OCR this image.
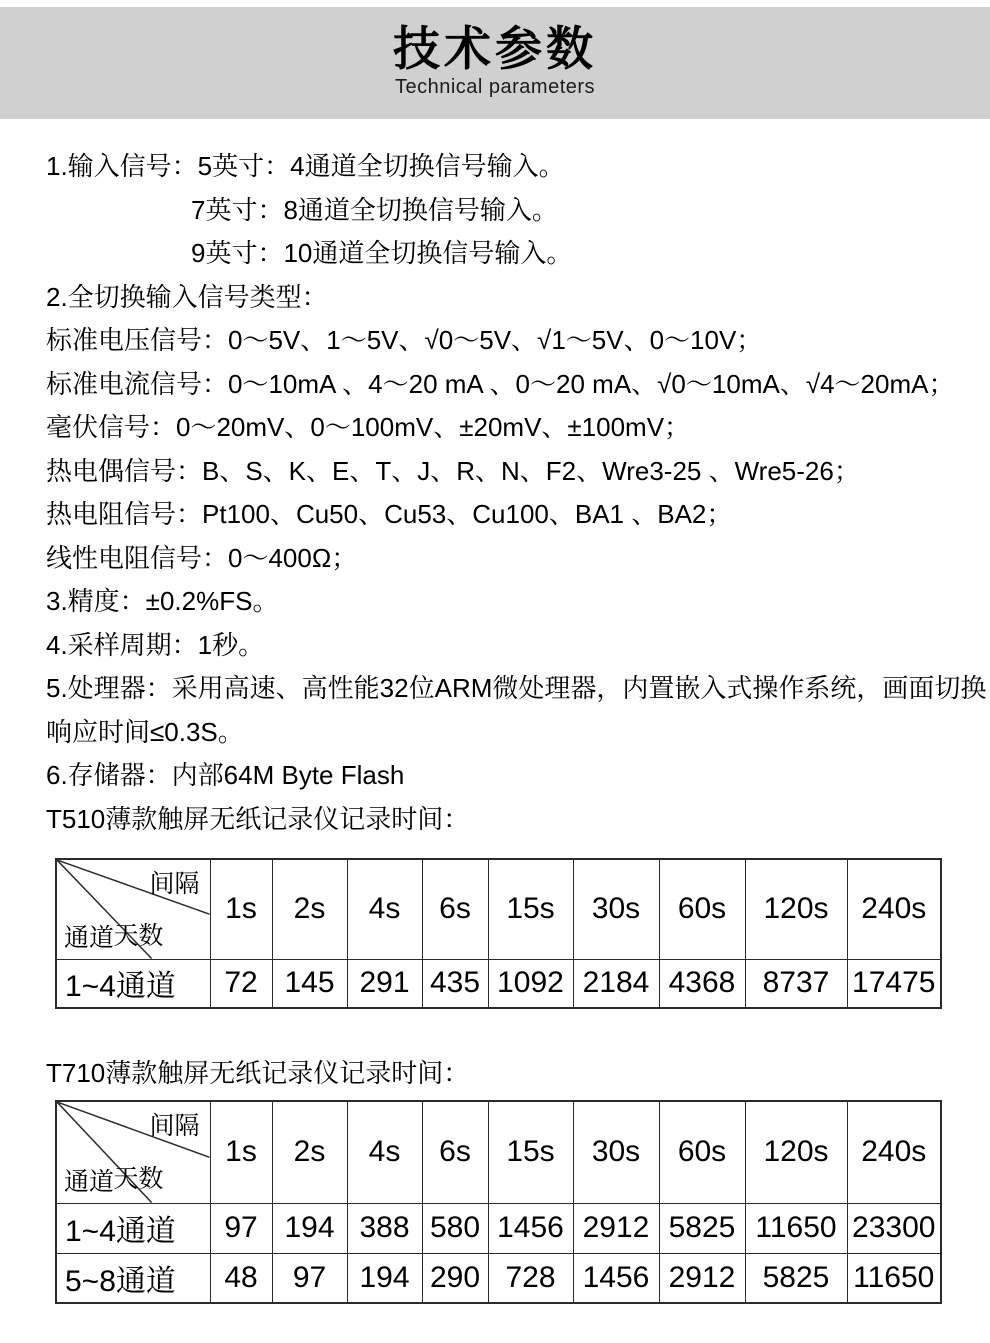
技术参数
Technical parameters
1.输入信号：5英寸：4通道全切换信号输入。
7英寸：8通道全切换信号输入。
9英寸：10通道全切换信号输入。
2.全切换输入信号类型：
标准电压信号：0～5V、1～5V、√0～5V、√1～5V、0～10V；
标准电流信号：0～10mA 、4～20 mA 、0～20 mA、√0～10mA、√4～20mA；
毫伏信号：0～20mV、0～100mV、±20mV、±100mV；
热电偶信号：B、S、K、E、T、J、R、N、F2、Wre3-25 、Wre5-26；
热电阻信号：Pt100、Cu50、Cu53、Cu100、BA1 、BA2；
线性电阻信号：0～400Ω；
3.精度：±0.2%FS。
4.采样周期：1秒。
5.处理器：采用高速、高性能32位ARM微处理器，内置嵌入式操作系统，画面切换
响应时间≤0.3S。
6.存储器：内部64M Byte Flash
T510薄款触屏无纸记录仪记录时间：
间隔
天数
通道	1s	2s	4s	6s	15s	30s	60s	120s	240s
1~4通道	72	145	291	435	1092	2184	4368	8737	17475
T710薄款触屏无纸记录仪记录时间：
间隔
天数
通道	1s	2s	4s	6s	15s	30s	60s	120s	240s
1~4通道	97	194	388	580	1456	2912	5825	11650	23300
5~8通道	48	97	194	290	728	1456	2912	5825	11650
